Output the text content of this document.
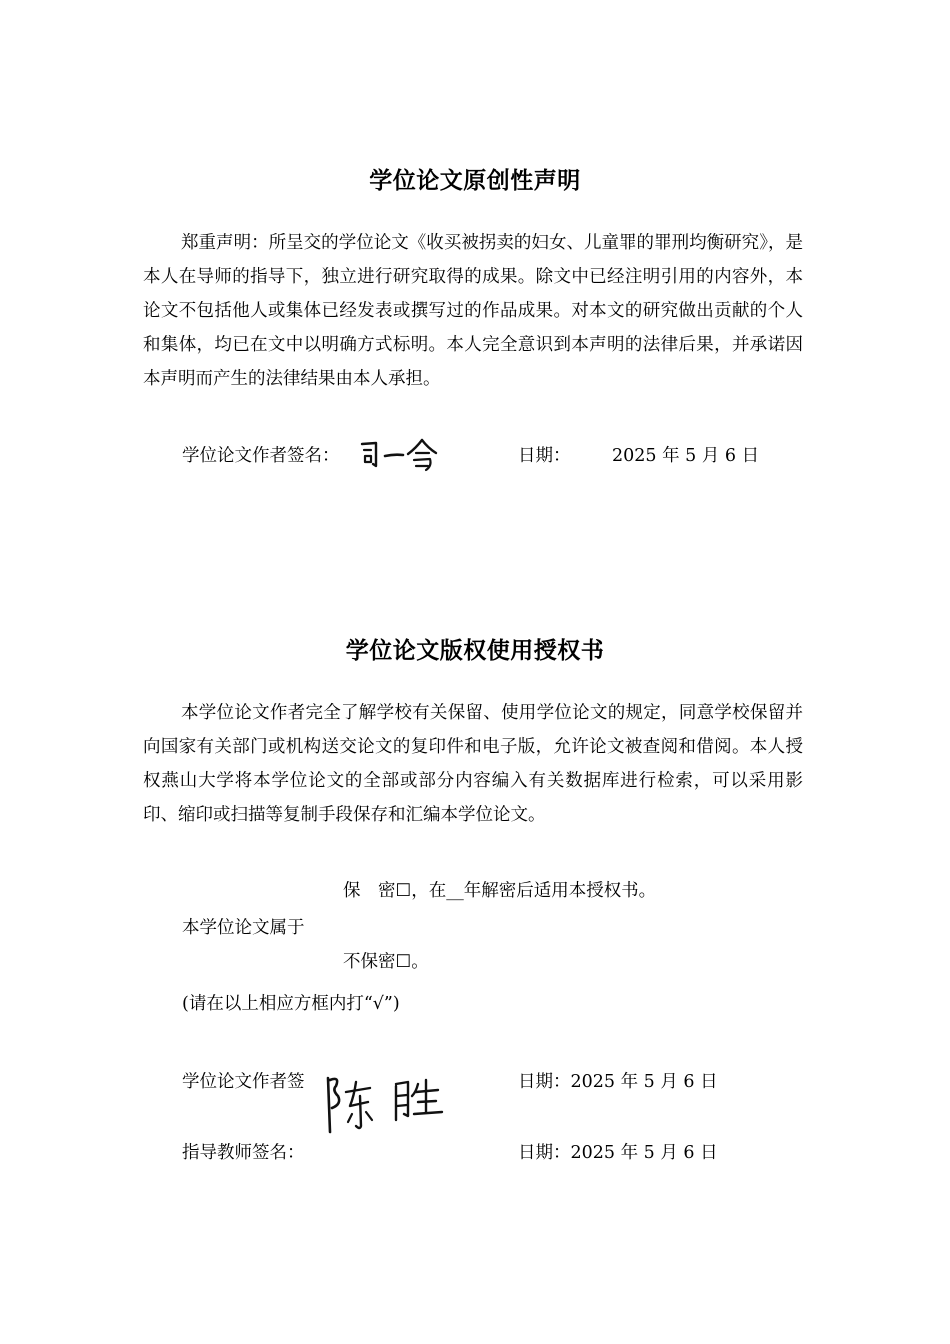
学位论文原创性声明
郑重声明：所呈交的学位论文《收买被拐卖的妇女、儿童罪的罪刑均衡研究》，是本人在导师的指导下，独立进行研究取得的成果。除文中已经注明引用的内容外，本论文不包括他人或集体已经发表或撰写过的作品成果。对本文的研究做出贡献的个人和集体，均已在文中以明确方式标明。本人完全意识到本声明的法律后果，并承诺因本声明而产生的法律结果由本人承担。
学位论文作者签名：	日期： 2025 年 5 月 6 日
学位论文版权使用授权书
本学位论文作者完全了解学校有关保留、使用学位论文的规定，同意学校保留并向国家有关部门或机构送交论文的复印件和电子版，允许论文被查阅和借阅。本人授权燕山大学将本学位论文的全部或部分内容编入有关数据库进行检索，可以采用影印、缩印或扫描等复制手段保存和汇编本学位论文。
保　密☐，在__年解密后适用本授权书。
本学位论文属于
不保密☐。
(请在以上相应方框内打“√”)
学位论文作者签	日期：2025 年 5 月 6 日
指导教师签名：	日期：2025 年 5 月 6 日
